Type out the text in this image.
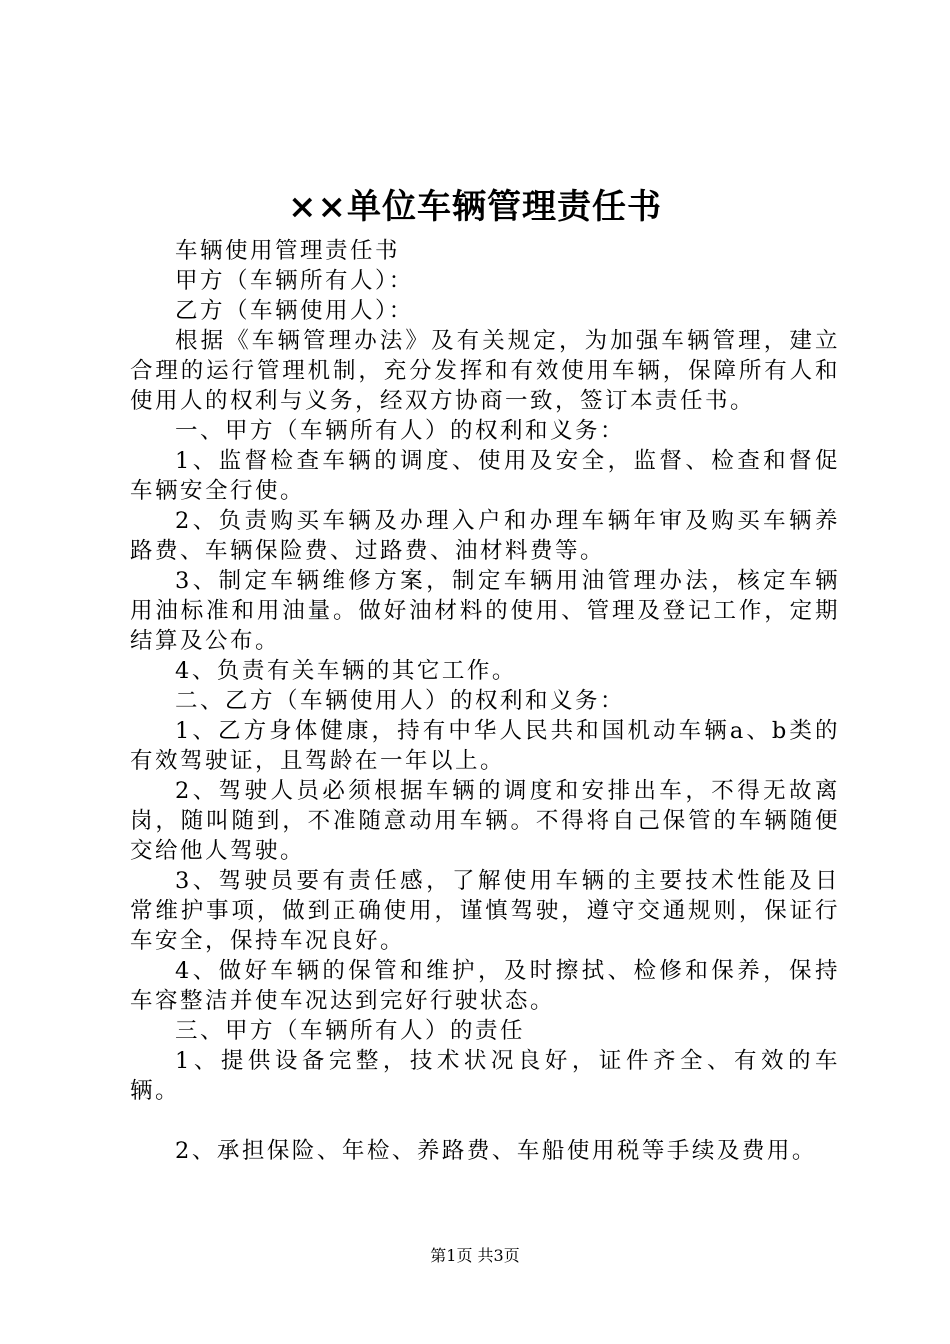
××单位车辆管理责任书

车辆使用管理责任书

甲方（车辆所有人）：

乙方（车辆使用人）：

根据《车辆管理办法》及有关规定，为加强车辆管理，建立合理的运行管理机制，充分发挥和有效使用车辆，保障所有人和使用人的权利与义务，经双方协商一致，签订本责任书。

一、甲方（车辆所有人）的权利和义务：

1、监督检查车辆的调度、使用及安全，监督、检查和督促车辆安全行使。

2、负责购买车辆及办理入户和办理车辆年审及购买车辆养路费、车辆保险费、过路费、油材料费等。

3、制定车辆维修方案，制定车辆用油管理办法，核定车辆用油标准和用油量。做好油材料的使用、管理及登记工作，定期结算及公布。

4、负责有关车辆的其它工作。

二、乙方（车辆使用人）的权利和义务：

1、乙方身体健康，持有中华人民共和国机动车辆a、b类的有效驾驶证，且驾龄在一年以上。

2、驾驶人员必须根据车辆的调度和安排出车，不得无故离岗，随叫随到，不准随意动用车辆。不得将自己保管的车辆随便交给他人驾驶。

3、驾驶员要有责任感，了解使用车辆的主要技术性能及日常维护事项，做到正确使用，谨慎驾驶，遵守交通规则，保证行车安全，保持车况良好。

4、做好车辆的保管和维护，及时擦拭、检修和保养，保持车容整洁并使车况达到完好行驶状态。

三、甲方（车辆所有人）的责任

1、提供设备完整，技术状况良好，证件齐全、有效的车辆。

2、承担保险、年检、养路费、车船使用税等手续及费用。

第1页 共3页
